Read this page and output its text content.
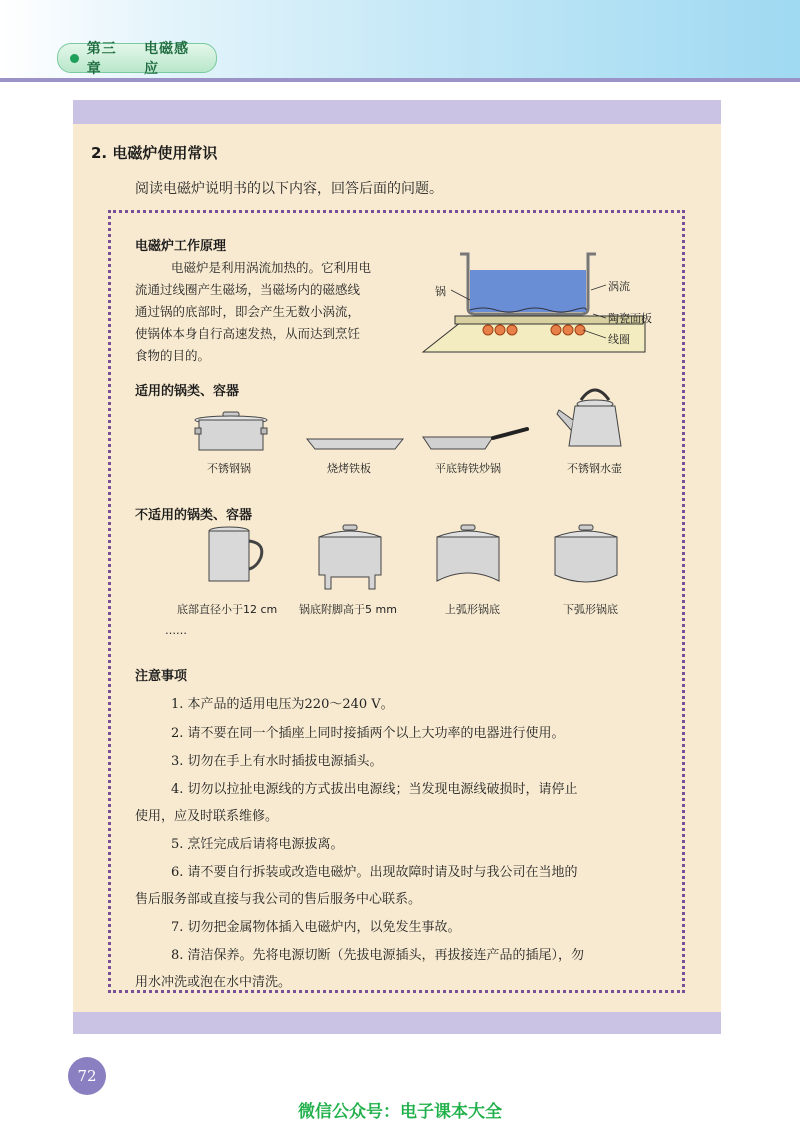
第三章
电磁感应
2. 电磁炉使用常识
阅读电磁炉说明书的以下内容，回答后面的问题。
电磁炉工作原理
电磁炉是利用涡流加热的。它利用电
流通过线圈产生磁场，当磁场内的磁感线
通过锅的底部时，即会产生无数小涡流，
使锅体本身自行高速发热，从而达到烹饪
食物的目的。
锅	涡流
陶瓷面板
线圈
适用的锅类、容器
不锈钢锅	烧烤铁板	平底铸铁炒锅	不锈钢水壶
不适用的锅类、容器
底部直径小于12 cm 锅底附脚高于5 mm	上弧形锅底	下弧形锅底
……
注意事项
1. 本产品的适用电压为220～240 V。
2. 请不要在同一个插座上同时接插两个以上大功率的电器进行使用。
3. 切勿在手上有水时插拔电源插头。
4. 切勿以拉扯电源线的方式拔出电源线；当发现电源线破损时，请停止
使用，应及时联系维修。
5. 烹饪完成后请将电源拔离。
6. 请不要自行拆装或改造电磁炉。出现故障时请及时与我公司在当地的
售后服务部或直接与我公司的售后服务中心联系。
7. 切勿把金属物体插入电磁炉内，以免发生事故。
8. 清洁保养。先将电源切断（先拔电源插头，再拔接连产品的插尾），勿
用水冲洗或泡在水中清洗。
72
微信公众号：电子课本大全
